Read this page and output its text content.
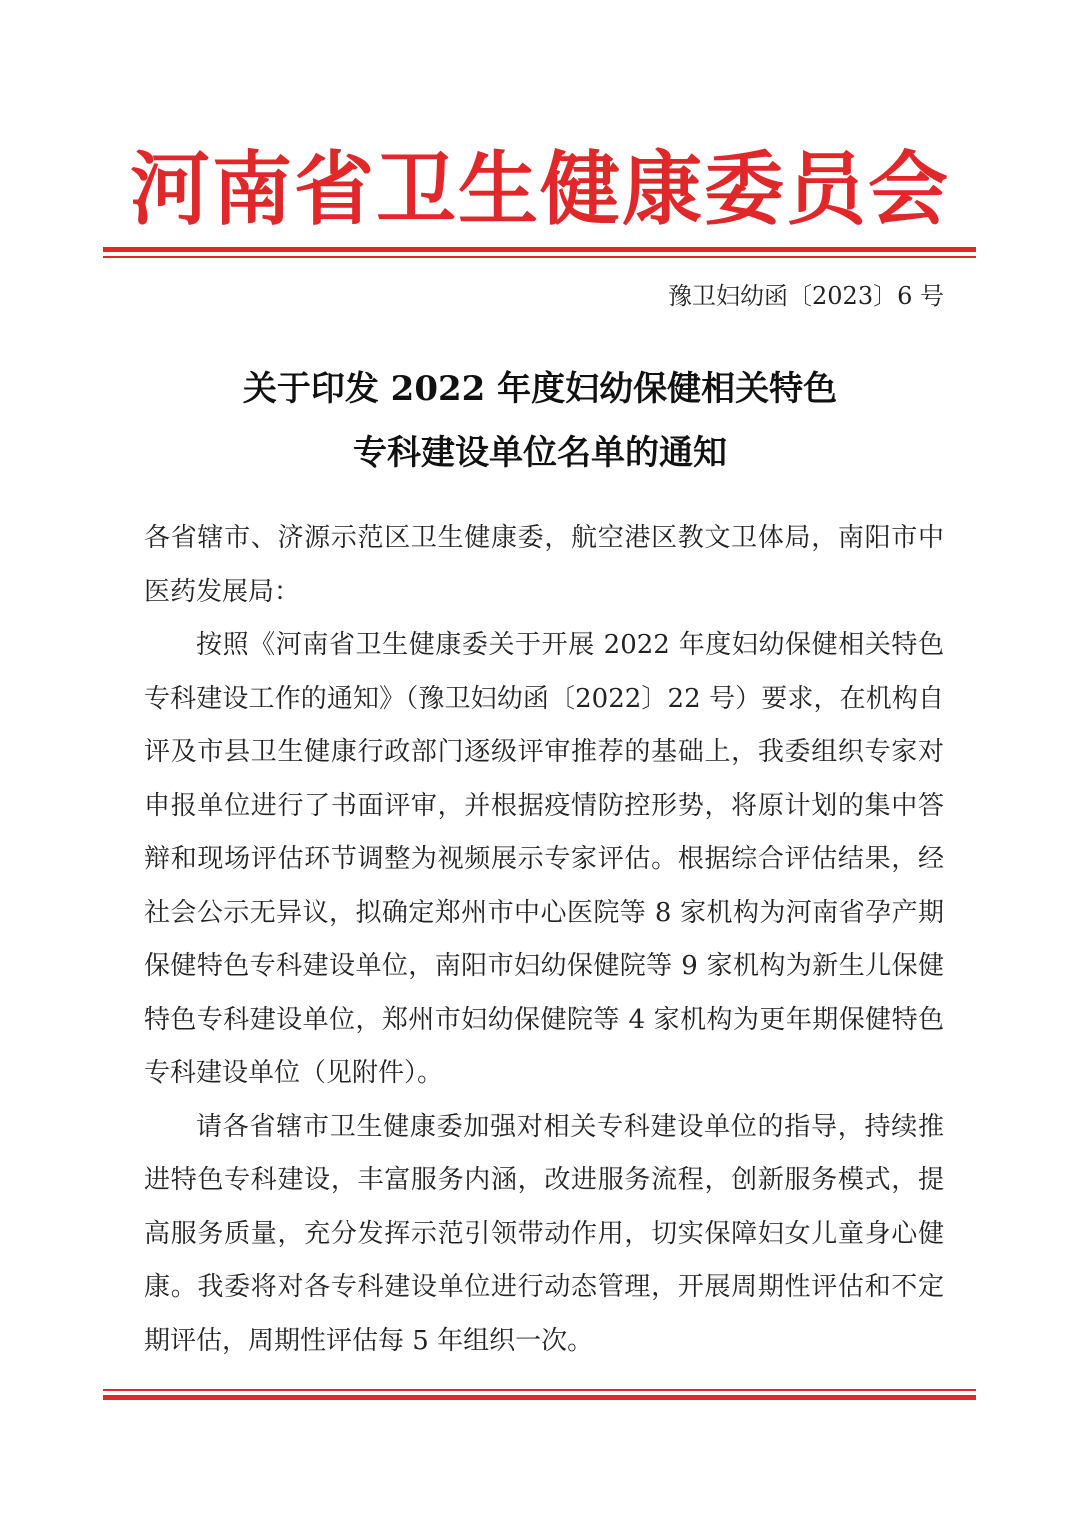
河南省卫生健康委员会
豫卫妇幼函〔2023〕6 号
关于印发 2022 年度妇幼保健相关特色
专科建设单位名单的通知

各省辖市、济源示范区卫生健康委，航空港区教文卫体局，南阳市中医药发展局：

按照《河南省卫生健康委关于开展 2022 年度妇幼保健相关特色专科建设工作的通知》（豫卫妇幼函〔2022〕22 号）要求，在机构自评及市县卫生健康行政部门逐级评审推荐的基础上，我委组织专家对申报单位进行了书面评审，并根据疫情防控形势，将原计划的集中答辩和现场评估环节调整为视频展示专家评估。根据综合评估结果，经社会公示无异议，拟确定郑州市中心医院等 8 家机构为河南省孕产期保健特色专科建设单位，南阳市妇幼保健院等 9 家机构为新生儿保健特色专科建设单位，郑州市妇幼保健院等 4 家机构为更年期保健特色专科建设单位（见附件）。

请各省辖市卫生健康委加强对相关专科建设单位的指导，持续推进特色专科建设，丰富服务内涵，改进服务流程，创新服务模式，提高服务质量，充分发挥示范引领带动作用，切实保障妇女儿童身心健康。我委将对各专科建设单位进行动态管理，开展周期性评估和不定期评估，周期性评估每 5 年组织一次。
